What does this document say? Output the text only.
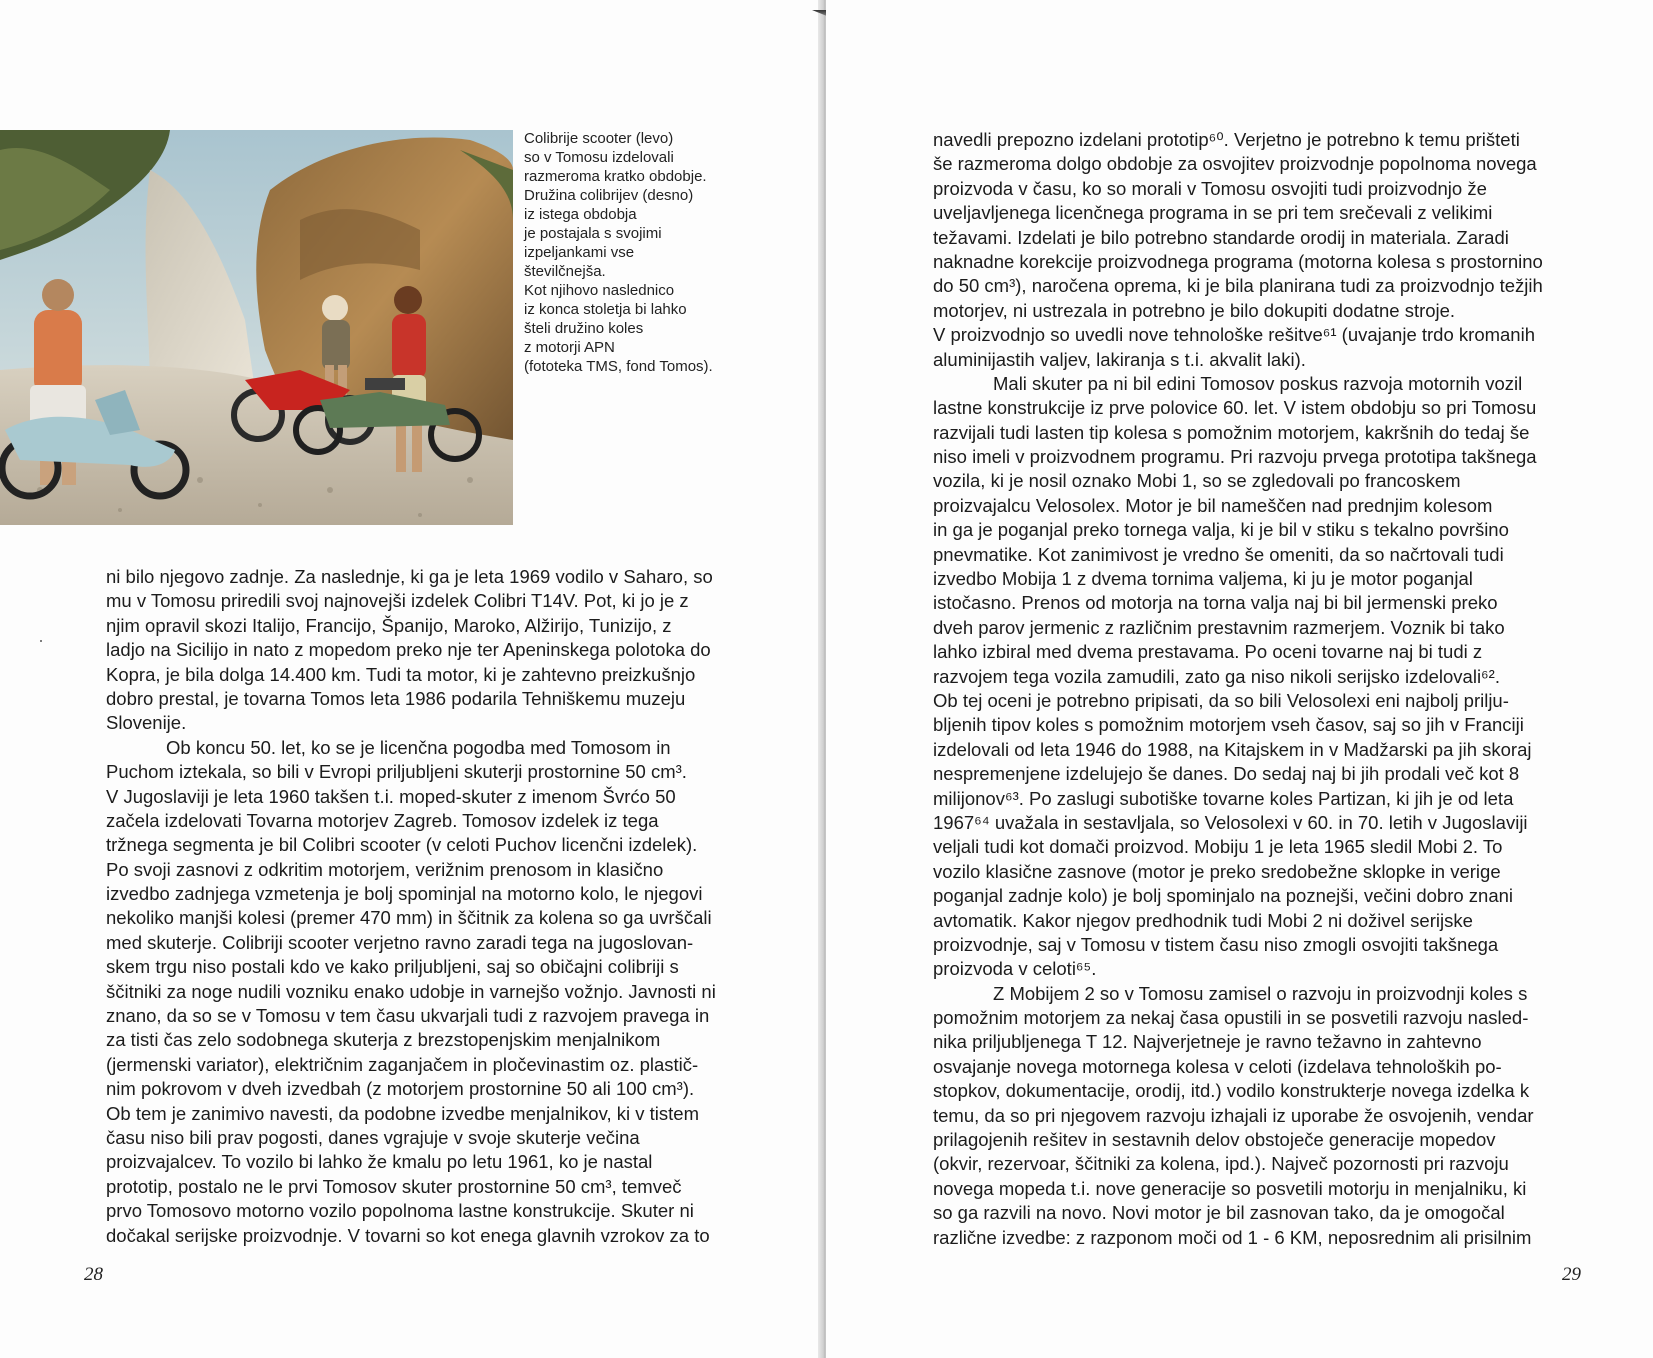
Colibrije scooter (levo)
so v Tomosu izdelovali
razmeroma kratko obdobje.
Družina colibrijev (desno)
iz istega obdobja
je postajala s svojimi
izpeljankami vse
številčnejša.
Kot njihovo naslednico
iz konca stoletja bi lahko
šteli družino koles
z motorji APN
(fototeka TMS, fond Tomos).
ni bilo njegovo zadnje. Za naslednje, ki ga je leta 1969 vodilo v Saharo, so
mu v Tomosu priredili svoj najnovejši izdelek Colibri T14V. Pot, ki jo je z
njim opravil skozi Italijo, Francijo, Španijo, Maroko, Alžirijo, Tunizijo, z
ladjo na Sicilijo in nato z mopedom preko nje ter Apeninskega polotoka do
Kopra, je bila dolga 14.400 km. Tudi ta motor, ki je zahtevno preizkušnjo
dobro prestal, je tovarna Tomos leta 1986 podarila Tehniškemu muzeju
Slovenije.
Ob koncu 50. let, ko se je licenčna pogodba med Tomosom in
Puchom iztekala, so bili v Evropi priljubljeni skuterji prostornine 50 cm³.
V Jugoslaviji je leta 1960 takšen t.i. moped-skuter z imenom Švrćo 50
začela izdelovati Tovarna motorjev Zagreb. Tomosov izdelek iz tega
tržnega segmenta je bil Colibri scooter (v celoti Puchov licenčni izdelek).
Po svoji zasnovi z odkritim motorjem, verižnim prenosom in klasično
izvedbo zadnjega vzmetenja je bolj spominjal na motorno kolo, le njegovi
nekoliko manjši kolesi (premer 470 mm) in ščitnik za kolena so ga uvrščali
med skuterje. Colibriji scooter verjetno ravno zaradi tega na jugoslovan-
skem trgu niso postali kdo ve kako priljubljeni, saj so običajni colibriji s
ščitniki za noge nudili vozniku enako udobje in varnejšo vožnjo. Javnosti ni
znano, da so se v Tomosu v tem času ukvarjali tudi z razvojem pravega in
za tisti čas zelo sodobnega skuterja z brezstopenjskim menjalnikom
(jermenski variator), električnim zaganjačem in pločevinastim oz. plastič-
nim pokrovom v dveh izvedbah (z motorjem prostornine 50 ali 100 cm³).
Ob tem je zanimivo navesti, da podobne izvedbe menjalnikov, ki v tistem
času niso bili prav pogosti, danes vgrajuje v svoje skuterje večina
proizvajalcev. To vozilo bi lahko že kmalu po letu 1961, ko je nastal
prototip, postalo ne le prvi Tomosov skuter prostornine 50 cm³, temveč
prvo Tomosovo motorno vozilo popolnoma lastne konstrukcije. Skuter ni
dočakal serijske proizvodnje. V tovarni so kot enega glavnih vzrokov za to
28
navedli prepozno izdelani prototip⁶⁰. Verjetno je potrebno k temu prišteti
še razmeroma dolgo obdobje za osvojitev proizvodnje popolnoma novega
proizvoda v času, ko so morali v Tomosu osvojiti tudi proizvodnjo že
uveljavljenega licenčnega programa in se pri tem srečevali z velikimi
težavami. Izdelati je bilo potrebno standarde orodij in materiala. Zaradi
naknadne korekcije proizvodnega programa (motorna kolesa s prostornino
do 50 cm³), naročena oprema, ki je bila planirana tudi za proizvodnjo težjih
motorjev, ni ustrezala in potrebno je bilo dokupiti dodatne stroje.
V proizvodnjo so uvedli nove tehnološke rešitve⁶¹ (uvajanje trdo kromanih
aluminijastih valjev, lakiranja s t.i. akvalit laki).
Mali skuter pa ni bil edini Tomosov poskus razvoja motornih vozil
lastne konstrukcije iz prve polovice 60. let. V istem obdobju so pri Tomosu
razvijali tudi lasten tip kolesa s pomožnim motorjem, kakršnih do tedaj še
niso imeli v proizvodnem programu. Pri razvoju prvega prototipa takšnega
vozila, ki je nosil oznako Mobi 1, so se zgledovali po francoskem
proizvajalcu Velosolex. Motor je bil nameščen nad prednjim kolesom
in ga je poganjal preko tornega valja, ki je bil v stiku s tekalno površino
pnevmatike. Kot zanimivost je vredno še omeniti, da so načrtovali tudi
izvedbo Mobija 1 z dvema tornima valjema, ki ju je motor poganjal
istočasno. Prenos od motorja na torna valja naj bi bil jermenski preko
dveh parov jermenic z različnim prestavnim razmerjem. Voznik bi tako
lahko izbiral med dvema prestavama. Po oceni tovarne naj bi tudi z
razvojem tega vozila zamudili, zato ga niso nikoli serijsko izdelovali⁶².
Ob tej oceni je potrebno pripisati, da so bili Velosolexi eni najbolj prilju-
bljenih tipov koles s pomožnim motorjem vseh časov, saj so jih v Franciji
izdelovali od leta 1946 do 1988, na Kitajskem in v Madžarski pa jih skoraj
nespremenjene izdelujejo še danes. Do sedaj naj bi jih prodali več kot 8
milijonov⁶³. Po zaslugi subotiške tovarne koles Partizan, ki jih je od leta
1967⁶⁴ uvažala in sestavljala, so Velosolexi v 60. in 70. letih v Jugoslaviji
veljali tudi kot domači proizvod. Mobiju 1 je leta 1965 sledil Mobi 2. To
vozilo klasične zasnove (motor je preko sredobežne sklopke in verige
poganjal zadnje kolo) je bolj spominjalo na poznejši, večini dobro znani
avtomatik. Kakor njegov predhodnik tudi Mobi 2 ni doživel serijske
proizvodnje, saj v Tomosu v tistem času niso zmogli osvojiti takšnega
proizvoda v celoti⁶⁵.
Z Mobijem 2 so v Tomosu zamisel o razvoju in proizvodnji koles s
pomožnim motorjem za nekaj časa opustili in se posvetili razvoju nasled-
nika priljubljenega T 12. Najverjetneje je ravno težavno in zahtevno
osvajanje novega motornega kolesa v celoti (izdelava tehnoloških po-
stopkov, dokumentacije, orodij, itd.) vodilo konstrukterje novega izdelka k
temu, da so pri njegovem razvoju izhajali iz uporabe že osvojenih, vendar
prilagojenih rešitev in sestavnih delov obstoječe generacije mopedov
(okvir, rezervoar, ščitniki za kolena, ipd.). Največ pozornosti pri razvoju
novega mopeda t.i. nove generacije so posvetili motorju in menjalniku, ki
so ga razvili na novo. Novi motor je bil zasnovan tako, da je omogočal
različne izvedbe: z razponom moči od 1 - 6 KM, neposrednim ali prisilnim
29
